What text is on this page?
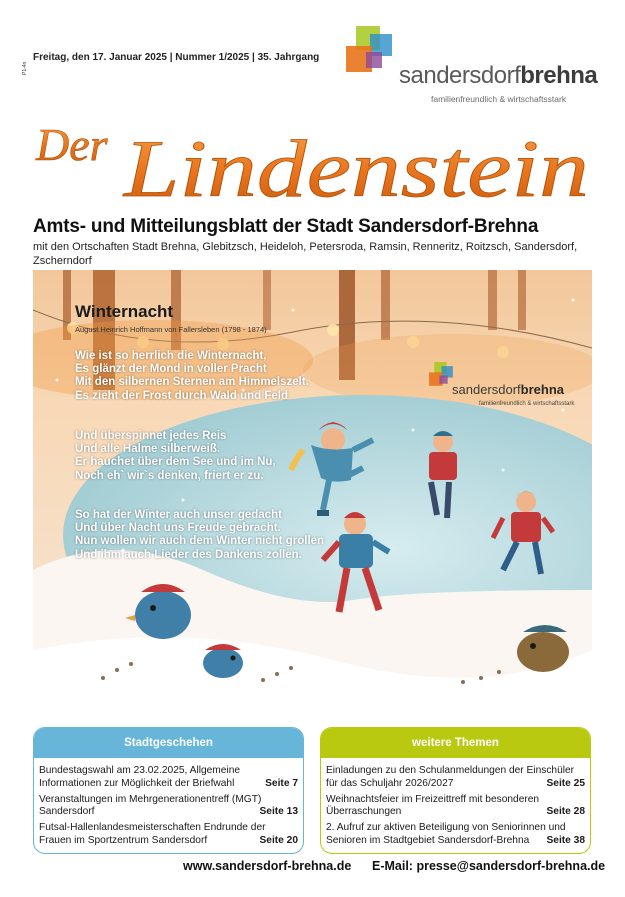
P1-4n
Freitag, den 17. Januar 2025 | Nummer 1/2025 | 35. Jahrgang
sandersdorfbrehna
familienfreundlich & wirtschaftsstark
Der Lindenstein
Amts- und Mitteilungsblatt der Stadt Sandersdorf-Brehna
mit den Ortschaften Stadt Brehna, Glebitzsch, Heideloh, Petersroda, Ramsin, Renneritz, Roitzsch, Sandersdorf, Zscherndorf
Winternacht
August Heinrich Hoffmann von Fallersleben (1798 - 1874)
Wie ist so herrlich die Winternacht,
Es glänzt der Mond in voller Pracht
Mit den silbernen Sternen am Himmelszelt.
Es zieht der Frost durch Wald und Feld
Und überspinnet jedes Reis
Und alle Halme silberweiß.
Er hauchet über dem See und im Nu,
Noch eh` wir`s denken, friert er zu.
So hat der Winter auch unser gedacht
Und über Nacht uns Freude gebracht.
Nun wollen wir auch dem Winter nicht grollen
Und ihm auch Lieder des Dankens zollen.
sandersdorfbrehna
familienfreundlich & wirtschaftsstark
Stadtgeschehen
Bundestagswahl am 23.02.2025, Allgemeine Informationen zur Möglichkeit der Briefwahl	Seite 7
Veranstaltungen im Mehrgenerationentreff (MGT) Sandersdorf	Seite 13
Futsal-Hallenlandesmeisterschaften Endrunde der Frauen im Sportzentrum Sandersdorf	Seite 20
weitere Themen
Einladungen zu den Schulanmeldungen der Einschüler für das Schuljahr 2026/2027	Seite 25
Weihnachtsfeier im Freizeittreff mit besonderen Überraschungen	Seite 28
2. Aufruf zur aktiven Beteiligung von Seniorinnen und Senioren im Stadtgebiet Sandersdorf-Brehna	Seite 38
www.sandersdorf-brehna.de E-Mail: presse@sandersdorf-brehna.de
